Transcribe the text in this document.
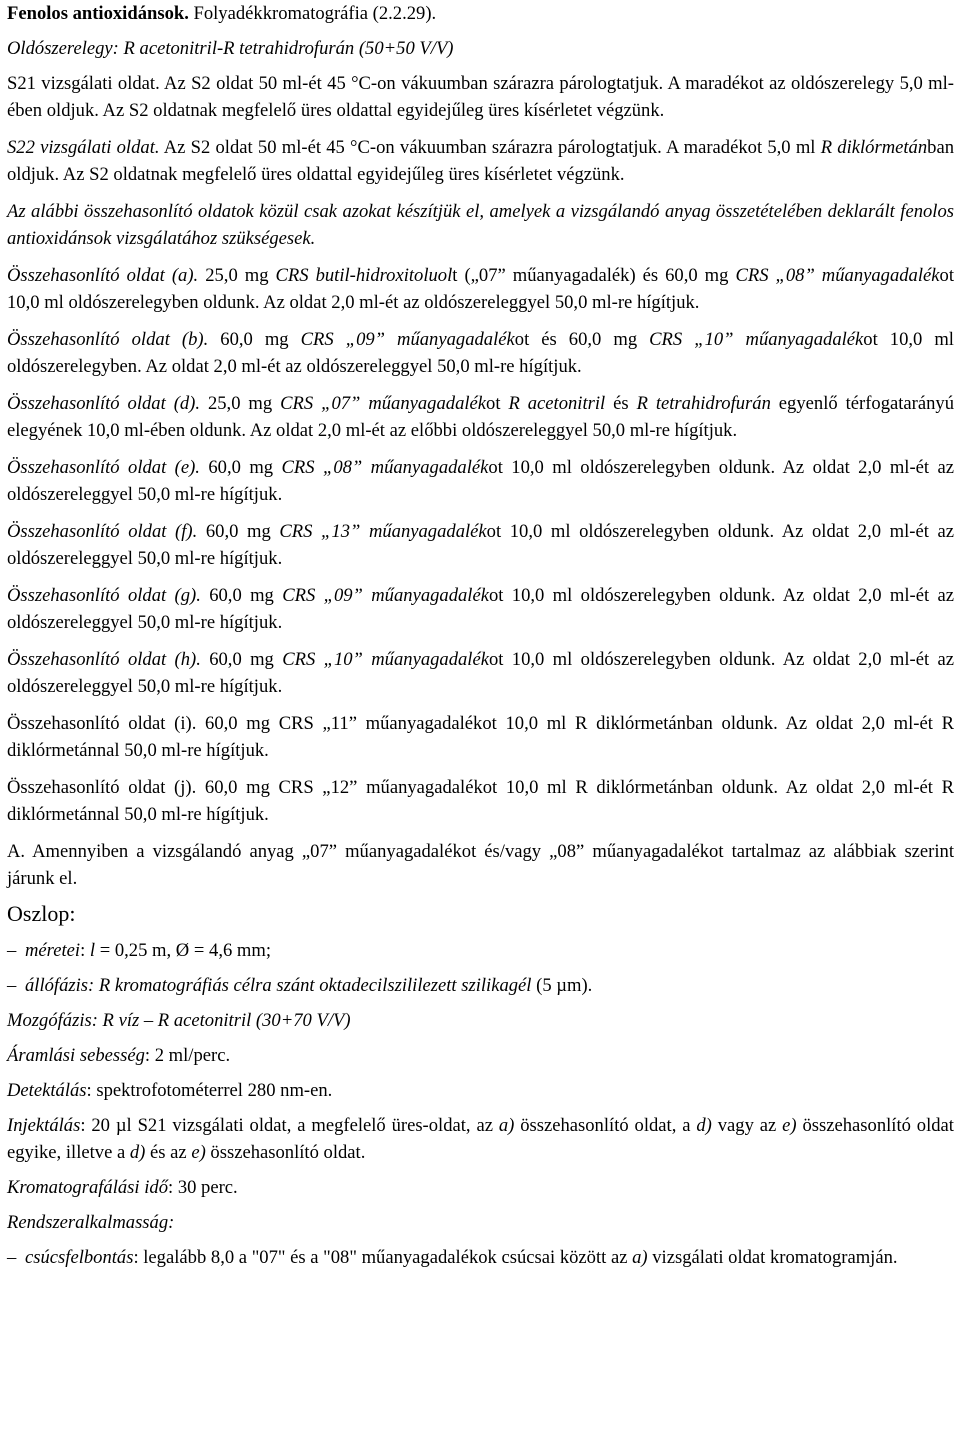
Fenolos antioxidánsok. Folyadékkromatográfia (2.2.29).

Oldószerelegy: R acetonitril-R tetrahidrofurán (50+50 V/V)

S21 vizsgálati oldat. Az S2 oldat 50 ml-ét 45 °C-on vákuumban szárazra párologtatjuk. A maradékot az oldószerelegy 5,0 ml-ében oldjuk. Az S2 oldatnak megfelelő üres oldattal egyidejűleg üres kísérletet végzünk.

S22 vizsgálati oldat. Az S2 oldat 50 ml-ét 45 °C-on vákuumban szárazra párologtatjuk. A maradékot 5,0 ml R diklórmetánban oldjuk. Az S2 oldatnak megfelelő üres oldattal egyidejűleg üres kísérletet végzünk.

Az alábbi összehasonlító oldatok közül csak azokat készítjük el, amelyek a vizsgálandó anyag összetételében deklarált fenolos antioxidánsok vizsgálatához szükségesek.

Összehasonlító oldat (a). 25,0 mg CRS butil-hidroxitoluolt („07” műanyagadalék) és 60,0 mg CRS „08” műanyagadalékot 10,0 ml oldószerelegyben oldunk. Az oldat 2,0 ml-ét az oldószereleggyel 50,0 ml-re hígítjuk.

Összehasonlító oldat (b). 60,0 mg CRS „09” műanyagadalékot és 60,0 mg CRS „10” műanyagadalékot 10,0 ml oldószerelegyben. Az oldat 2,0 ml-ét az oldószereleggyel 50,0 ml-re hígítjuk.

Összehasonlító oldat (d). 25,0 mg CRS „07” műanyagadalékot R acetonitril és R tetrahidrofurán egyenlő térfogatarányú elegyének 10,0 ml-ében oldunk. Az oldat 2,0 ml-ét az előbbi oldószereleggyel 50,0 ml-re hígítjuk.

Összehasonlító oldat (e). 60,0 mg CRS „08” műanyagadalékot 10,0 ml oldószerelegyben oldunk. Az oldat 2,0 ml-ét az oldószereleggyel 50,0 ml-re hígítjuk.

Összehasonlító oldat (f). 60,0 mg CRS „13” műanyagadalékot 10,0 ml oldószerelegyben oldunk. Az oldat 2,0 ml-ét az oldószereleggyel 50,0 ml-re hígítjuk.

Összehasonlító oldat (g). 60,0 mg CRS „09” műanyagadalékot 10,0 ml oldószerelegyben oldunk. Az oldat 2,0 ml-ét az oldószereleggyel 50,0 ml-re hígítjuk.

Összehasonlító oldat (h). 60,0 mg CRS „10” műanyagadalékot 10,0 ml oldószerelegyben oldunk. Az oldat 2,0 ml-ét az oldószereleggyel 50,0 ml-re hígítjuk.

Összehasonlító oldat (i). 60,0 mg CRS „11” műanyagadalékot 10,0 ml R diklórmetánban oldunk. Az oldat 2,0 ml-ét R diklórmetánnal 50,0 ml-re hígítjuk.

Összehasonlító oldat (j). 60,0 mg CRS „12” műanyagadalékot 10,0 ml R diklórmetánban oldunk. Az oldat 2,0 ml-ét R diklórmetánnal 50,0 ml-re hígítjuk.

A. Amennyiben a vizsgálandó anyag „07” műanyagadalékot és/vagy „08” műanyagadalékot tartalmaz az alábbiak szerint járunk el.

Oszlop:

– méretei: l = 0,25 m, Ø = 4,6 mm;

– állófázis: R kromatográfiás célra szánt oktadecilszililezett szilikagél (5 µm).

Mozgófázis: R víz – R acetonitril (30+70 V/V)

Áramlási sebesség: 2 ml/perc.

Detektálás: spektrofotométerrel 280 nm-en.

Injektálás: 20 µl S21 vizsgálati oldat, a megfelelő üres-oldat, az a) összehasonlító oldat, a d) vagy az e) összehasonlító oldat egyike, illetve a d) és az e) összehasonlító oldat.

Kromatografálási idő: 30 perc.

Rendszeralkalmasság:

– csúcsfelbontás: legalább 8,0 a "07" és a "08" műanyagadalékok csúcsai között az a) vizsgálati oldat kromatogramján.
